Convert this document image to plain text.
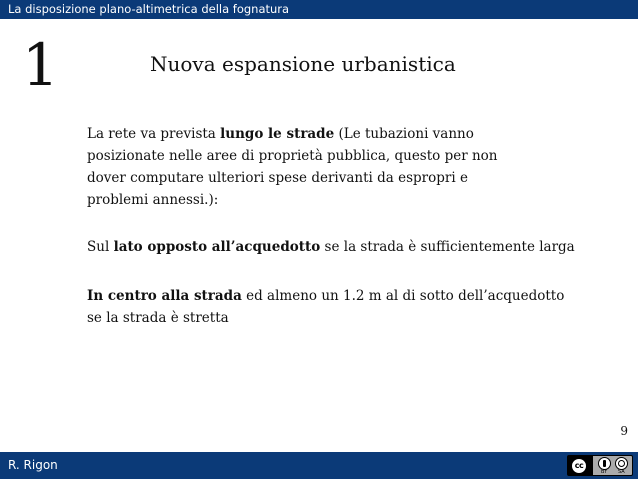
La disposizione plano-altimetrica della fognatura
1	Nuova espansione urbanistica
La rete va prevista lungo le strade (Le tubazioni vanno
posizionate nelle aree di proprietà pubblica, questo per non
dover computare ulteriori spese derivanti da espropri e
problemi annessi.):
Sul lato opposto all’acquedotto se la strada è sufficientemente larga
In centro alla strada ed almeno un 1.2 m al di sotto dell’acquedotto
se la strada è stretta
9
R. Rigon	cc
BY SA
